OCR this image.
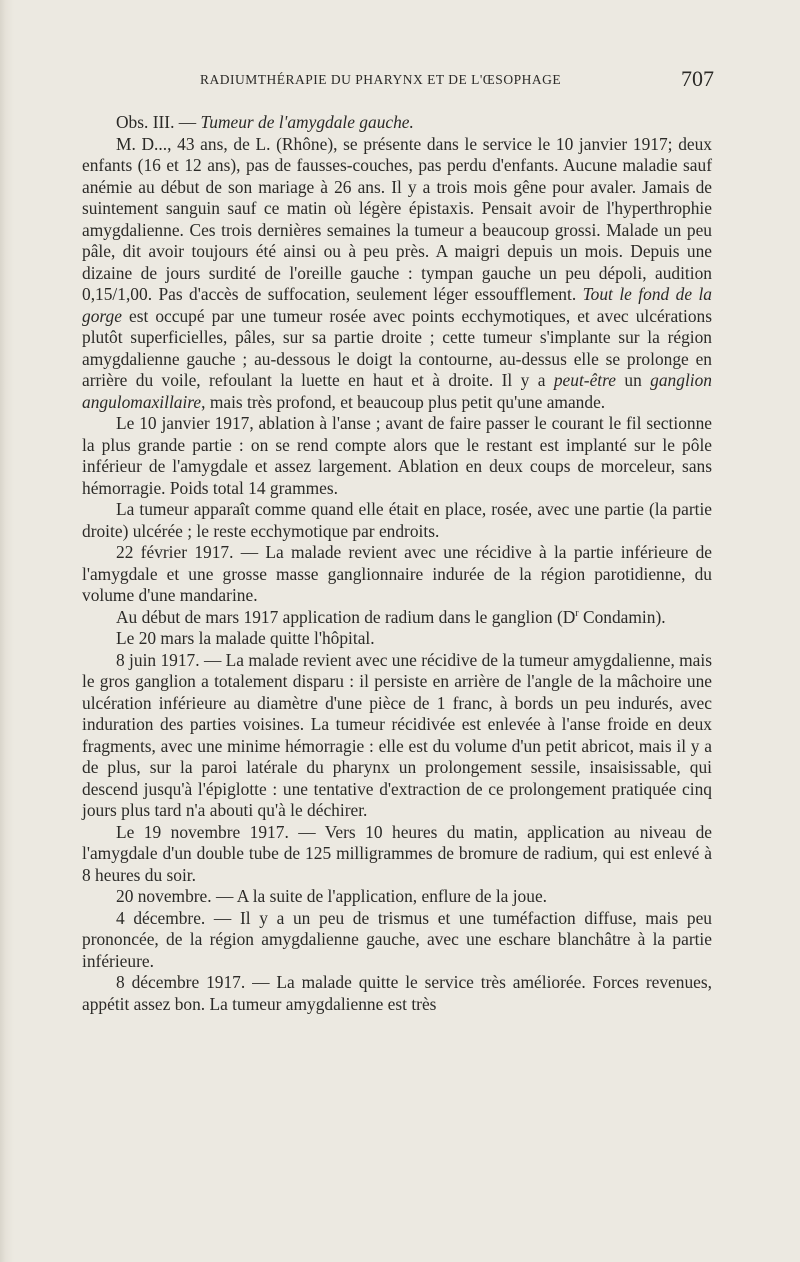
RADIUMTHÉRAPIE DU PHARYNX ET DE L'ŒSOPHAGE	707

Obs. III. — Tumeur de l'amygdale gauche.

M. D..., 43 ans, de L. (Rhône), se présente dans le service le 10 janvier 1917; deux enfants (16 et 12 ans), pas de fausses-couches, pas perdu d'enfants. Aucune maladie sauf anémie au début de son mariage à 26 ans. Il y a trois mois gêne pour avaler. Jamais de suintement sanguin sauf ce matin où légère épistaxis. Pensait avoir de l'hyperthrophie amygdalienne. Ces trois dernières semaines la tumeur a beaucoup grossi. Malade un peu pâle, dit avoir toujours été ainsi ou à peu près. A maigri depuis un mois. Depuis une dizaine de jours surdité de l'oreille gauche : tympan gauche un peu dépoli, audition 0,15/1,00. Pas d'accès de suffocation, seulement léger essoufflement. Tout le fond de la gorge est occupé par une tumeur rosée avec points ecchymotiques, et avec ulcérations plutôt superficielles, pâles, sur sa partie droite ; cette tumeur s'implante sur la région amygdalienne gauche ; au-dessous le doigt la contourne, au-dessus elle se prolonge en arrière du voile, refoulant la luette en haut et à droite. Il y a peut-être un ganglion angulomaxillaire, mais très profond, et beaucoup plus petit qu'une amande.

Le 10 janvier 1917, ablation à l'anse ; avant de faire passer le courant le fil sectionne la plus grande partie : on se rend compte alors que le restant est implanté sur le pôle inférieur de l'amygdale et assez largement. Ablation en deux coups de morceleur, sans hémorragie. Poids total 14 grammes.

La tumeur apparaît comme quand elle était en place, rosée, avec une partie (la partie droite) ulcérée ; le reste ecchymotique par endroits.

22 février 1917. — La malade revient avec une récidive à la partie inférieure de l'amygdale et une grosse masse ganglionnaire indurée de la région parotidienne, du volume d'une mandarine.

Au début de mars 1917 application de radium dans le ganglion ($D^r$ Condamin).

Le 20 mars la malade quitte l'hôpital.

8 juin 1917. — La malade revient avec une récidive de la tumeur amygdalienne, mais le gros ganglion a totalement disparu : il persiste en arrière de l'angle de la mâchoire une ulcération inférieure au diamètre d'une pièce de 1 franc, à bords un peu indurés, avec induration des parties voisines. La tumeur récidivée est enlevée à l'anse froide en deux fragments, avec une minime hémorragie : elle est du volume d'un petit abricot, mais il y a de plus, sur la paroi latérale du pharynx un prolongement sessile, insaisissable, qui descend jusqu'à l'épiglotte : une tentative d'extraction de ce prolongement pratiquée cinq jours plus tard n'a abouti qu'à le déchirer.

Le 19 novembre 1917. — Vers 10 heures du matin, application au niveau de l'amygdale d'un double tube de 125 milligrammes de bromure de radium, qui est enlevé à 8 heures du soir.

20 novembre. — A la suite de l'application, enflure de la joue.

4 décembre. — Il y a un peu de trismus et une tuméfaction diffuse, mais peu prononcée, de la région amygdalienne gauche, avec une eschare blanchâtre à la partie inférieure.

8 décembre 1917. — La malade quitte le service très améliorée. Forces revenues, appétit assez bon. La tumeur amygdalienne est très
